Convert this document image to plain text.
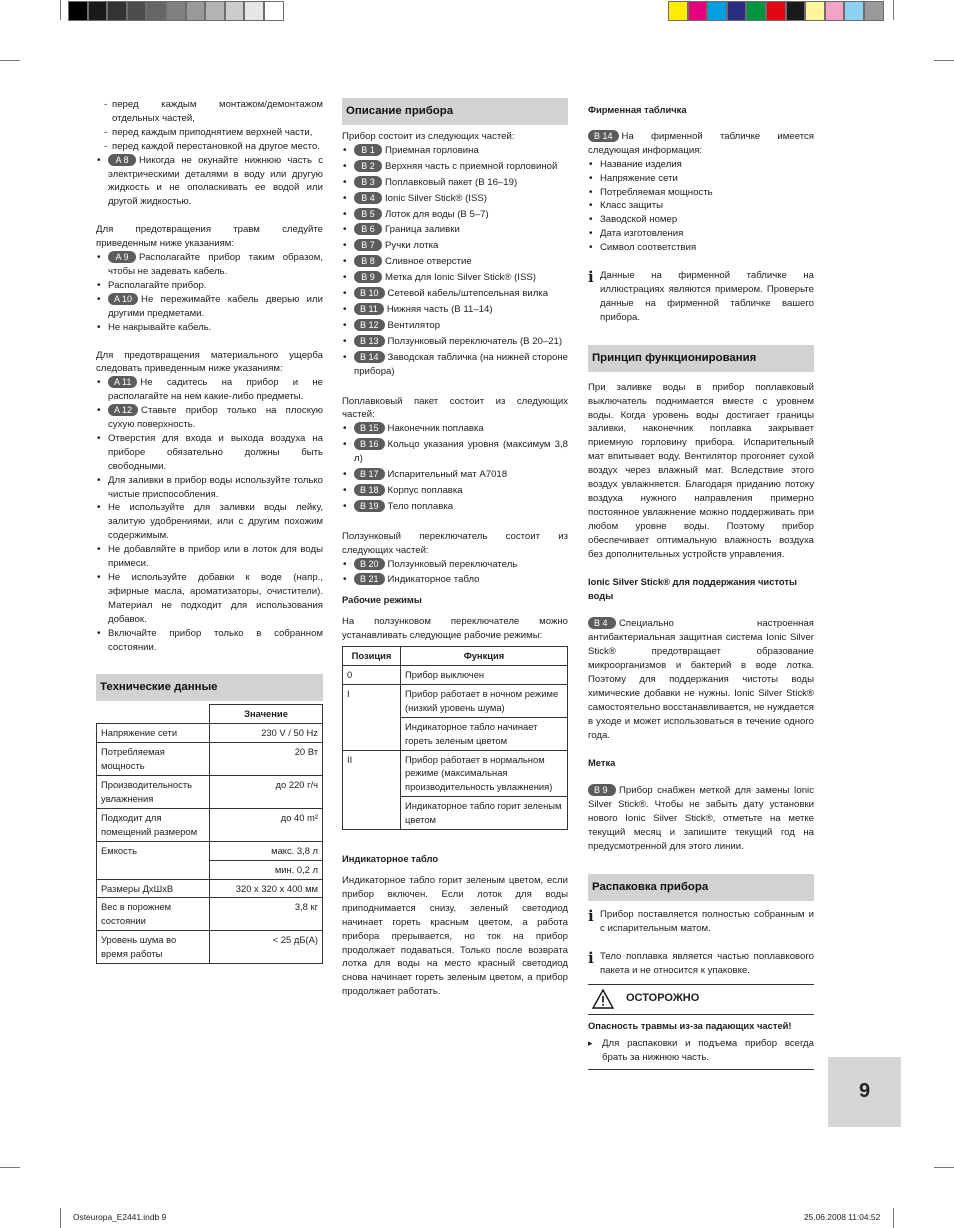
- перед каждым монтажом/демонтажом отдельных частей,
- перед каждым приподнятием верхней части,
- перед каждой перестановкой на другое место.
• A 8 Никогда не окунайте нижнюю часть с электрическими деталями в воду или другую жидкость и не ополаскивать ее водой или другой жидкостью.
Для предотвращения травм следуйте приведенным ниже указаниям:
• A 9 Располагайте прибор таким образом, чтобы не задевать кабель.
• Располагайте прибор.
• A 10 Не пережимайте кабель дверью или другими предметами.
• Не накрывайте кабель.
Для предотвращения материального ущерба следовать приведенным ниже указаниям:
• A 11 Не садитесь на прибор и не располагайте на нем какие-либо предметы.
• A 12 Ставьте прибор только на плоскую сухую поверхность.
• Отверстия для входа и выхода воздуха на приборе обязательно должны быть свободными.
• Для заливки в прибор воды используйте только чистые приспособления.
• Не используйте для заливки воды лейку, залитую удобрениями, или с другим похожим содержимым.
• Не добавляйте в прибор или в лоток для воды примеси.
• Не используйте добавки к воде (напр., эфирные масла, ароматизаторы, очистители). Материал не подходит для использования добавок.
• Включайте прибор только в собранном состоянии.
Технические данные
	Значение
Напряжение сети	230 V / 50 Hz
Потребляемая мощность	20 Вт
Производительность увлажнения	до 220 г/ч
Подходит для помещений размером	до 40 m²
Емкость	макс. 3,8 л
	мин. 0,2 л
Размеры ДхШхВ	320 x 320 x 400 мм
Вес в порожнем состоянии	3,8 кг
Уровень шума во время работы	< 25 дБ(А)
Описание прибора
Прибор состоит из следующих частей:
• B 1 Приемная горловина
• B 2 Верхняя часть с приемной горловиной
• B 3 Поплавковый пакет (B 16–19)
• B 4 Ionic Silver Stick® (ISS)
• B 5 Лоток для воды (B 5–7)
• B 6 Граница заливки
• B 7 Ручки лотка
• B 8 Сливное отверстие
• B 9 Метка для Ionic Silver Stick® (ISS)
• B 10 Сетевой кабель/штепсельная вилка
• B 11 Нижняя часть (B 11–14)
• B 12 Вентилятор
• B 13 Ползунковый переключатель (B 20–21)
• B 14 Заводская табличка (на нижней стороне прибора)
Поплавковый пакет состоит из следующих частей:
• B 15 Наконечник поплавка
• B 16 Кольцо указания уровня (максимум 3,8 л)
• B 17 Испарительный мат A7018
• B 18 Корпус поплавка
• B 19 Тело поплавка
Ползунковый переключатель состоит из следующих частей:
• B 20 Ползунковый переключатель
• B 21 Индикаторное табло
Рабочие режимы
На ползунковом переключателе можно устанавливать следующие рабочие режимы:
Позиция	Функция
0	Прибор выключен
I	Прибор работает в ночном режиме (низкий уровень шума)
	Индикаторное табло начинает гореть зеленым цветом
II	Прибор работает в нормальном режиме (максимальная производительность увлажнения)
	Индикаторное табло горит зеленым цветом
Индикаторное табло
Индикаторное табло горит зеленым цветом, если прибор включен. Если лоток для воды приподнимается снизу, зеленый светодиод начинает гореть красным цветом, а работа прибора прерывается, но ток на прибор продолжает подаваться. Только после возврата лотка для воды на место красный светодиод снова начинает гореть зеленым цветом, а прибор продолжает работать.
Фирменная табличка
B 14 На фирменной табличке имеется следующая информация:
• Название изделия
• Напряжение сети
• Потребляемая мощность
• Класс защиты
• Заводской номер
• Дата изготовления
• Символ соответствия
i Данные на фирменной табличке на иллюстрациях являются примером. Проверьте данные на фирменной табличке вашего прибора.
Принцип функционирования
При заливке воды в прибор поплавковый выключатель поднимается вместе с уровнем воды. Когда уровень воды достигает границы заливки, наконечник поплавка закрывает приемную горловину прибора. Испарительный мат впитывает воду. Вентилятор прогоняет сухой воздух через влажный мат. Вследствие этого воздух увлажняется. Благодаря приданию потоку воздуха нужного направления примерно постоянное увлажнение можно поддерживать при любом уровне воды. Поэтому прибор обеспечивает оптимальную влажность воздуха без дополнительных устройств управления.
Ionic Silver Stick® для поддержания чистоты воды
B 4 Специально настроенная антибактериальная защитная система Ionic Silver Stick® предотвращает образование микроорганизмов и бактерий в воде лотка. Поэтому для поддержания чистоты воды химические добавки не нужны. Ionic Silver Stick® самостоятельно восстанавливается, не нуждается в уходе и может использоваться в течение одного года.
Метка
B 9 Прибор снабжен меткой для замены Ionic Silver Stick®. Чтобы не забыть дату установки нового Ionic Silver Stick®, отметьте на метке текущий месяц и запишите текущий год на предусмотренной для этого линии.
Распаковка прибора
i Прибор поставляется полностью собранным и с испарительным матом.
i Тело поплавка является частью поплавкового пакета и не относится к упаковке.
ОСТОРОЖНО
Опасность травмы из-за падающих частей!
▸ Для распаковки и подъема прибор всегда брать за нижнюю часть.
9
Osteuropa_E2441.indb 9	25.06.2008 11:04:52
